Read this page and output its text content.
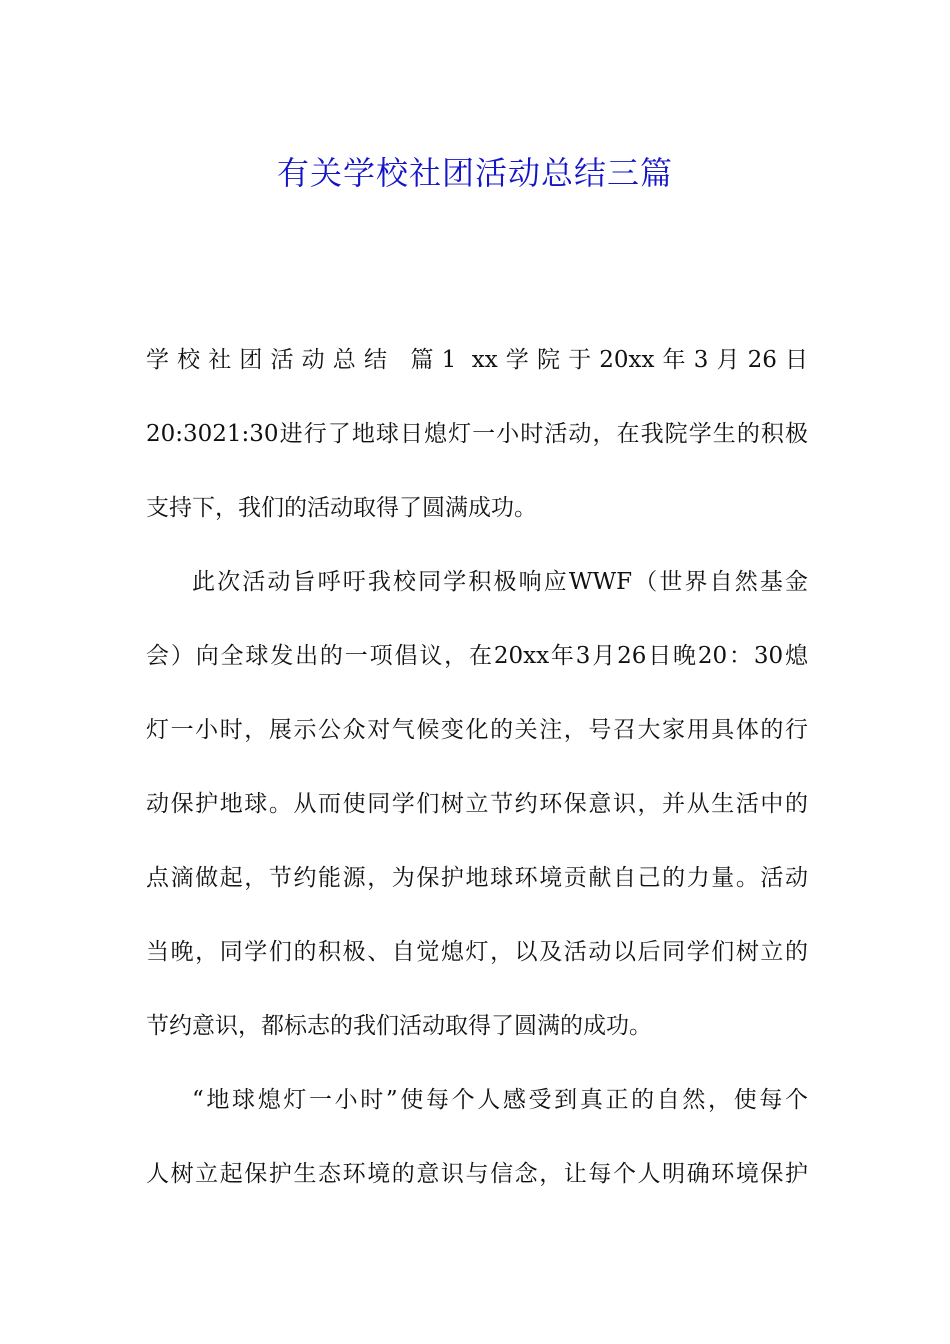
有关学校社团活动总结三篇
学校社团活动总结 篇1 xx学院于20xx年3月26日
20:3021:30进行了地球日熄灯一小时活动，在我院学生的积极
支持下，我们的活动取得了圆满成功。
此次活动旨呼吁我校同学积极响应WWF（世界自然基金
会）向全球发出的一项倡议，在20xx年3月26日晚20：30熄
灯一小时，展示公众对气候变化的关注，号召大家用具体的行
动保护地球。从而使同学们树立节约环保意识，并从生活中的
点滴做起，节约能源，为保护地球环境贡献自己的力量。活动
当晚，同学们的积极、自觉熄灯，以及活动以后同学们树立的
节约意识，都标志的我们活动取得了圆满的成功。
“地球熄灯一小时”使每个人感受到真正的自然，使每个
人树立起保护生态环境的意识与信念，让每个人明确环境保护
